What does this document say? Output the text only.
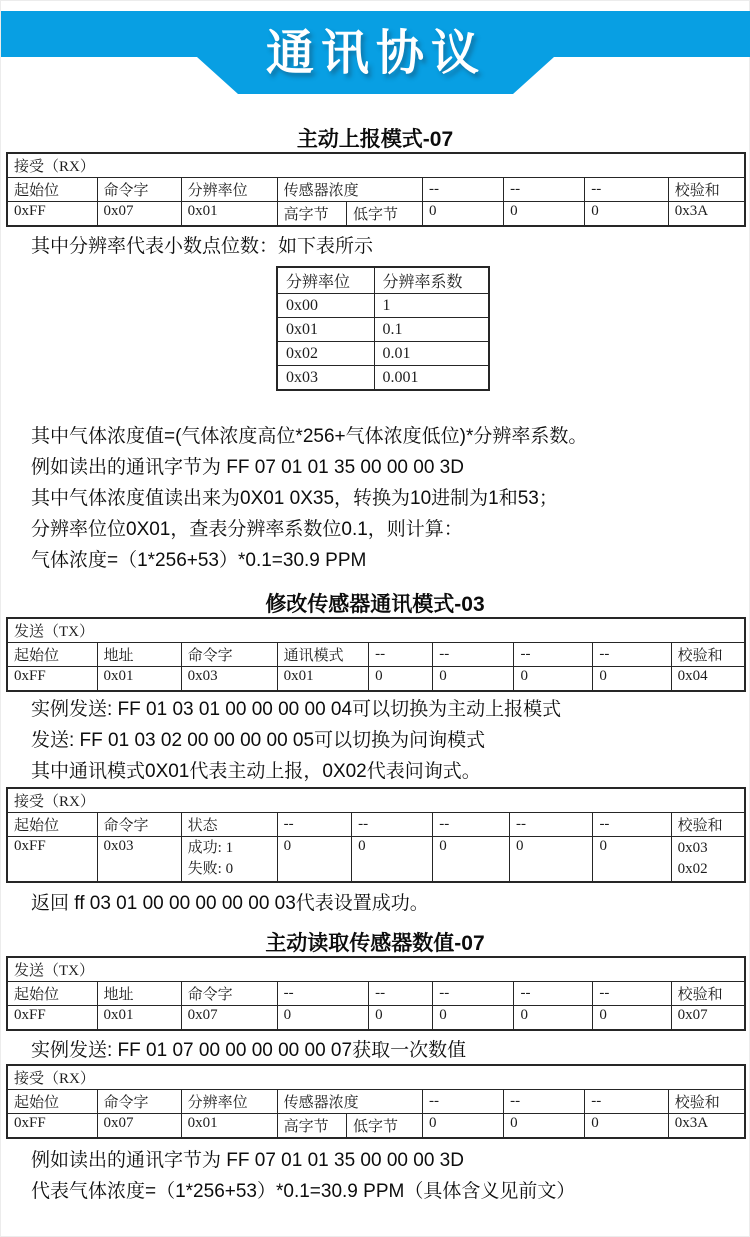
通讯协议
主动上报模式-07
接受（RX）								
起始位	命令字	分辨率位	传感器浓度		--	--	--	校验和
0xFF	0x07	0x01	高字节	低字节	0	0	0	0x3A
其中分辨率代表小数点位数：如下表所示
分辨率位	分辨率系数
0x00	1
0x01	0.1
0x02	0.01
0x03	0.001
其中气体浓度值=(气体浓度高位*256+气体浓度低位)*分辨率系数。
例如读出的通讯字节为 FF 07 01 01 35 00 00 00 3D
其中气体浓度值读出来为0X01 0X35，转换为10进制为1和53；
分辨率位位0X01，查表分辨率系数位0.1，则计算：
气体浓度=（1*256+53）*0.1=30.9 PPM
修改传感器通讯模式-03
发送（TX）								
起始位	地址	命令字	通讯模式	--	--	--	--	校验和
0xFF	0x01	0x03	0x01	0	0	0	0	0x04
实例发送: FF 01 03 01 00 00 00 00 04可以切换为主动上报模式
发送: FF 01 03 02 00 00 00 00 05可以切换为问询模式
其中通讯模式0X01代表主动上报，0X02代表问询式。
接受（RX）								
起始位	命令字	状态	--	--	--	--	--	校验和
0xFF	0x03	成功: 1
失败: 0
	0	0	0	0	0	0x03
0x02
返回 ff 03 01 00 00 00 00 00 03代表设置成功。
主动读取传感器数值-07
发送（TX）								
起始位	地址	命令字	--	--	--	--	--	校验和
0xFF	0x01	0x07	0	0	0	0	0	0x07
实例发送: FF 01 07 00 00 00 00 00 07获取一次数值
接受（RX）								
起始位	命令字	分辨率位	传感器浓度		--	--	--	校验和
0xFF	0x07	0x01	高字节	低字节	0	0	0	0x3A
例如读出的通讯字节为 FF 07 01 01 35 00 00 00 3D
代表气体浓度=（1*256+53）*0.1=30.9 PPM（具体含义见前文）
